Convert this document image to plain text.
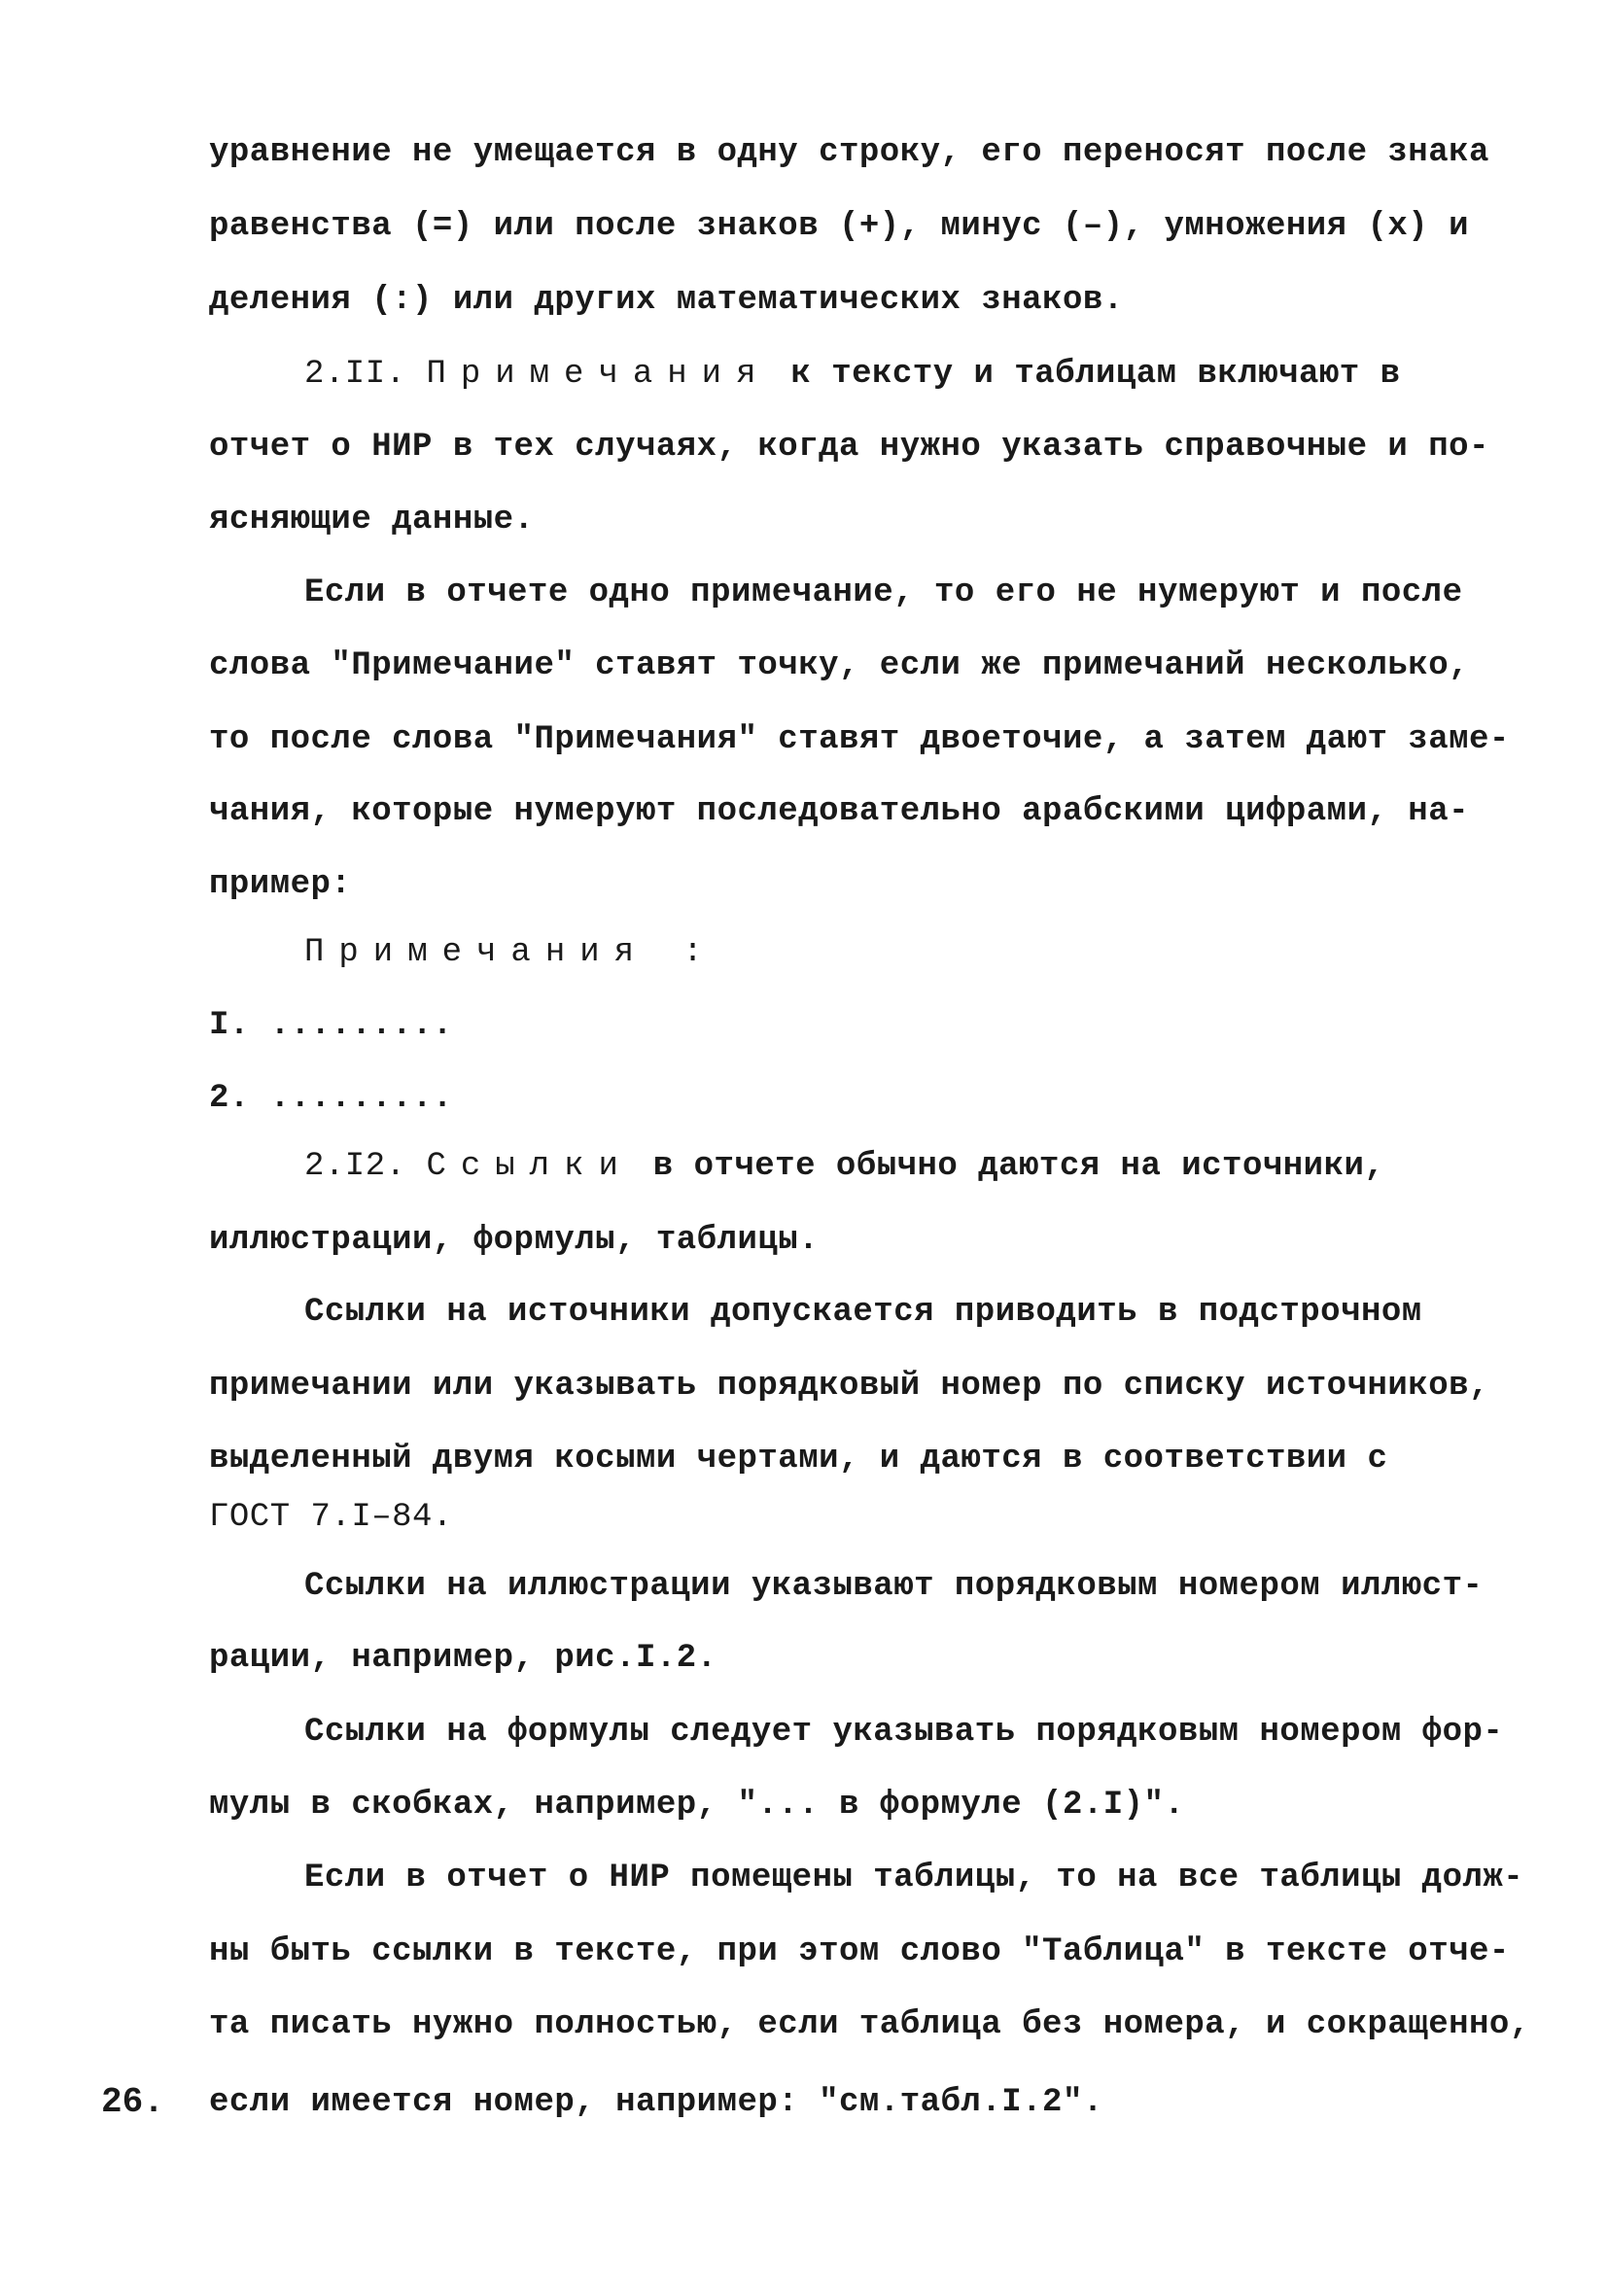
уравнение не умещается в одну строку, его переносят после знака
равенства (=) или после знаков (+), минус (–), умножения (х) и
деления (:) или других математических знаков.
2.II. Примечания к тексту и таблицам включают в
отчет о НИР в тех случаях, когда нужно указать справочные и по-
ясняющие данные.
Если в отчете одно примечание, то его не нумеруют и после
слова "Примечание" ставят точку, если же примечаний несколько,
то после слова "Примечания" ставят двоеточие, а затем дают заме-
чания, которые нумеруют последовательно арабскими цифрами, на-
пример:
Примечания :
I. .........
2. .........
2.I2. Ссылки в отчете обычно даются на источники,
иллюстрации, формулы, таблицы.
Ссылки на источники допускается приводить в подстрочном
примечании или указывать порядковый номер по списку источников,
выделенный двумя косыми чертами, и даются в соответствии с
ГОСТ 7.I–84.
Ссылки на иллюстрации указывают порядковым номером иллюст-
рации, например, рис.I.2.
Ссылки на формулы следует указывать порядковым номером фор-
мулы в скобках, например, "... в формуле (2.I)".
Если в отчет о НИР помещены таблицы, то на все таблицы долж-
ны быть ссылки в тексте, при этом слово "Таблица" в тексте отче-
та писать нужно полностью, если таблица без номера, и сокращенно,
если имеется номер, например: "см.табл.I.2".
26.
